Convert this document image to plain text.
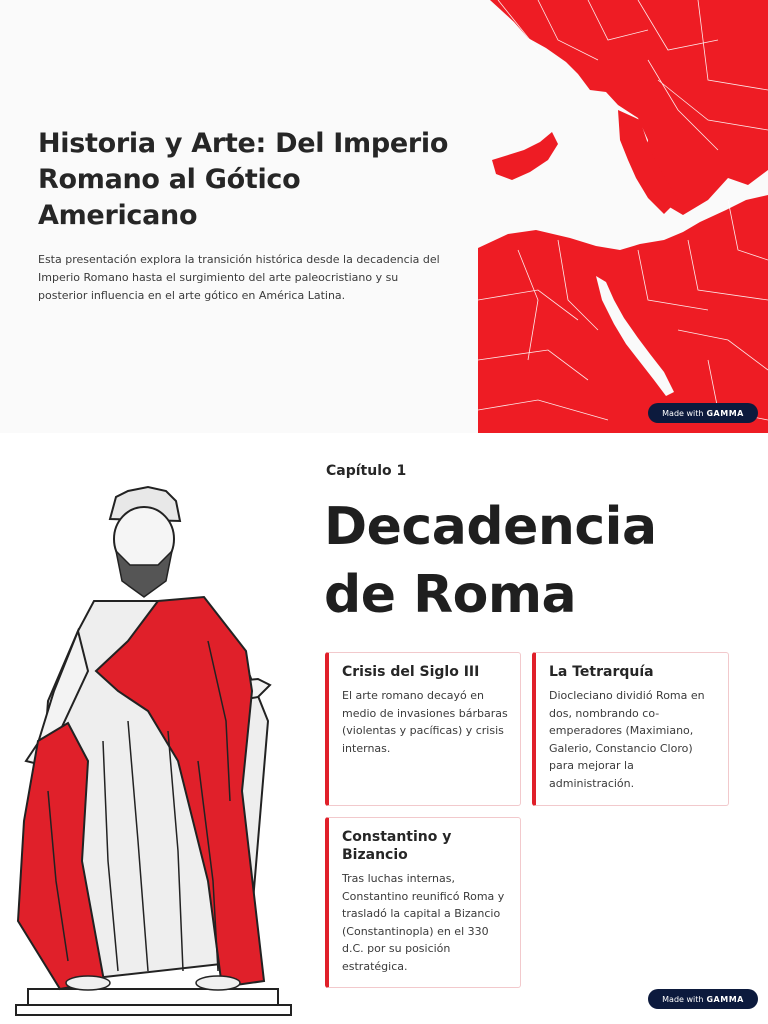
Historia y Arte: Del Imperio Romano al Gótico Americano

Esta presentación explora la transición histórica desde la decadencia del Imperio Romano hasta el surgimiento del arte paleocristiano y su posterior influencia en el arte gótico en América Latina.

Made with GAMMA
Capítulo 1
Decadencia de Roma
Crisis del Siglo III
El arte romano decayó en medio de invasiones bárbaras (violentas y pacíficas) y crisis internas.
La Tetrarquía
Diocleciano dividió Roma en dos, nombrando co-emperadores (Maximiano, Galerio, Constancio Cloro) para mejorar la administración.
Constantino y Bizancio
Tras luchas internas, Constantino reunificó Roma y trasladó la capital a Bizancio (Constantinopla) en el 330 d.C. por su posición estratégica.
Made with GAMMA
